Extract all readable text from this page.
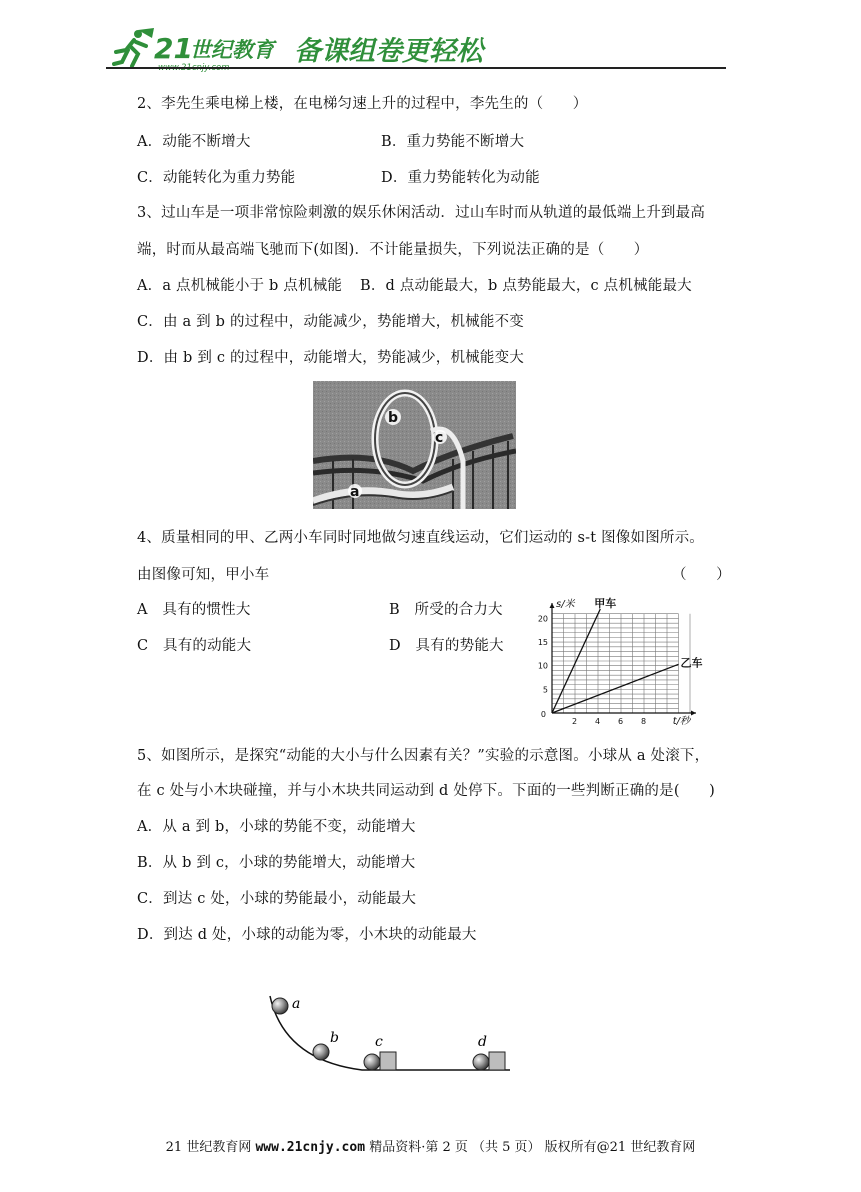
21
世纪教育 备课组卷更轻松
2、李先生乘电梯上楼，在电梯匀速上升的过程中，李先生的（　　）
A．动能不断增大	B．重力势能不断增大
C．动能转化为重力势能	D．重力势能转化为动能
3、过山车是一项非常惊险刺激的娱乐休闲活动．过山车时而从轨道的最低端上升到最高
端，时而从最高端飞驰而下(如图)．不计能量损失，下列说法正确的是（　　）
A．a 点机械能小于 b 点机械能 B．d 点动能最大，b 点势能最大，c 点机械能最大
C．由 a 到 b 的过程中，动能减少，势能增大，机械能不变
D．由 b 到 c 的过程中，动能增大，势能减少，机械能变大
b
c
a
4、质量相同的甲、乙两小车同时同地做匀速直线运动，它们运动的 s-t 图像如图所示。
由图像可知，甲小车	（　　）
A　具有的惯性大	B　所受的合力大
C　具有的动能大	D　具有的势能大
甲车
乙车
2 4 6 8	t/秒
5
10
15
20
0
s/米
5、如图所示，是探究“动能的大小与什么因素有关？”实验的示意图。小球从 a 处滚下，
在 c 处与小木块碰撞，并与小木块共同运动到 d 处停下。下面的一些判断正确的是(　　)
A．从 a 到 b，小球的势能不变，动能增大
B．从 b 到 c，小球的势能增大，动能增大
C．到达 c 处，小球的势能最小，动能最大
D．到达 d 处，小球的动能为零，小木块的动能最大
a
b	c	d
21 世纪教育网 www.21cnjy.com 精品资料·第 2 页 （共 5 页） 版权所有@21 世纪教育网
